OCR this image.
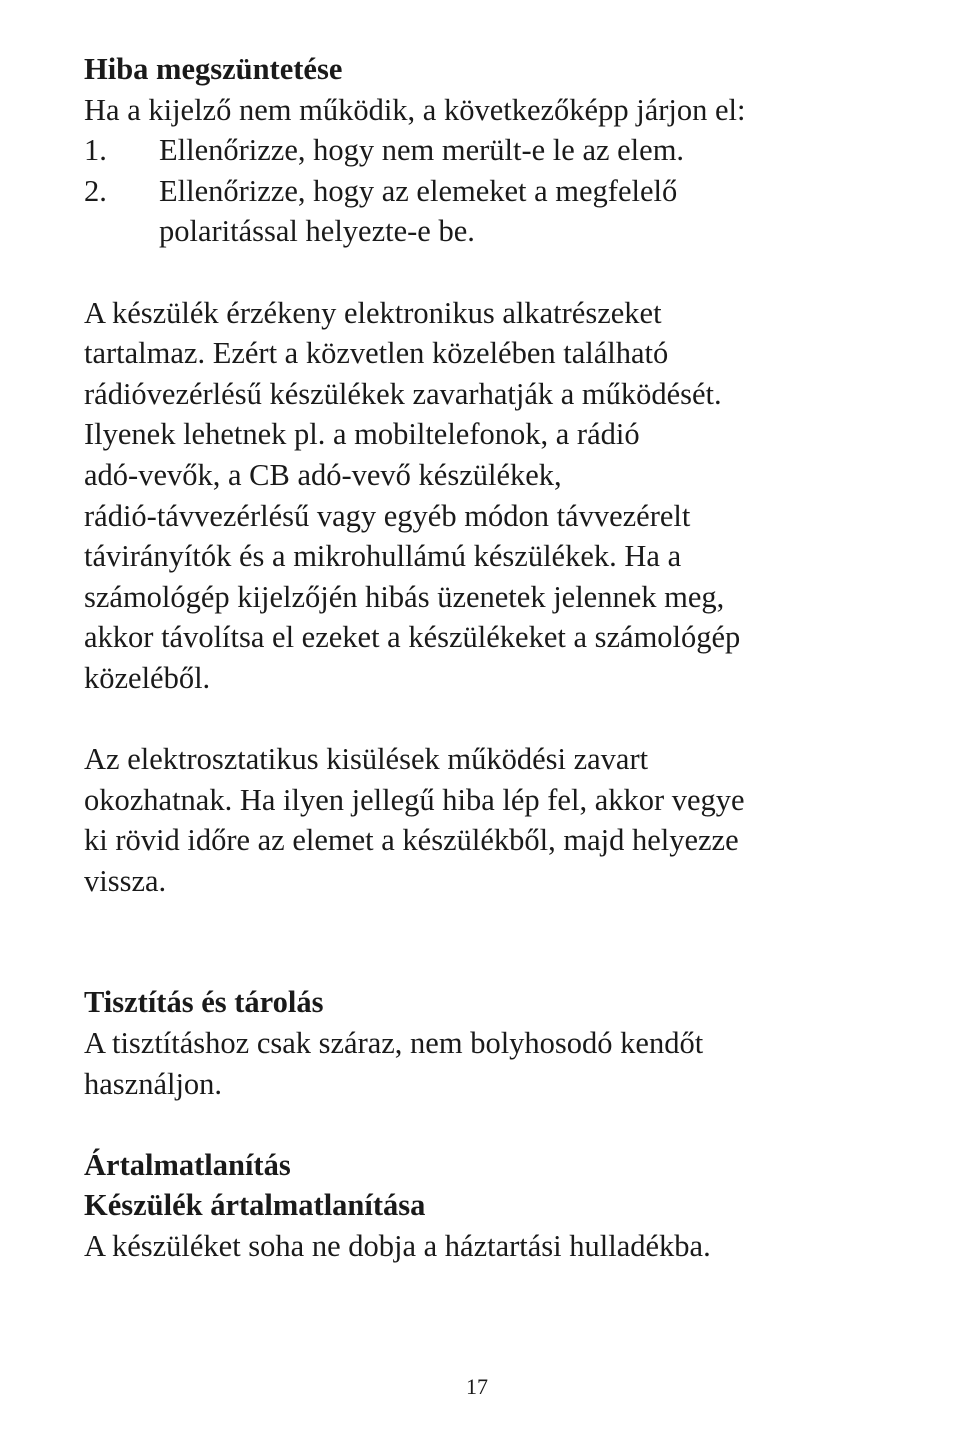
Hiba megszüntetése
Ha a kijelző nem működik, a következőképp járjon el:
1.	Ellenőrizze, hogy nem merült-e le az elem.
2.	Ellenőrizze, hogy az elemeket a megfelelő
polaritással helyezte-e be.
A készülék érzékeny elektronikus alkatrészeket
tartalmaz. Ezért a közvetlen közelében található
rádióvezérlésű készülékek zavarhatják a működését.
Ilyenek lehetnek pl. a mobiltelefonok, a rádió
adó-vevők, a CB adó-vevő készülékek,
rádió-távvezérlésű vagy egyéb módon távvezérelt
távirányítók és a mikrohullámú készülékek. Ha a
számológép kijelzőjén hibás üzenetek jelennek meg,
akkor távolítsa el ezeket a készülékeket a számológép
közeléből.
Az elektrosztatikus kisülések működési zavart
okozhatnak. Ha ilyen jellegű hiba lép fel, akkor vegye
ki rövid időre az elemet a készülékből, majd helyezze
vissza.
Tisztítás és tárolás
A tisztításhoz csak száraz, nem bolyhosodó kendőt
használjon.
Ártalmatlanítás
Készülék ártalmatlanítása
A készüléket soha ne dobja a háztartási hulladékba.
17
